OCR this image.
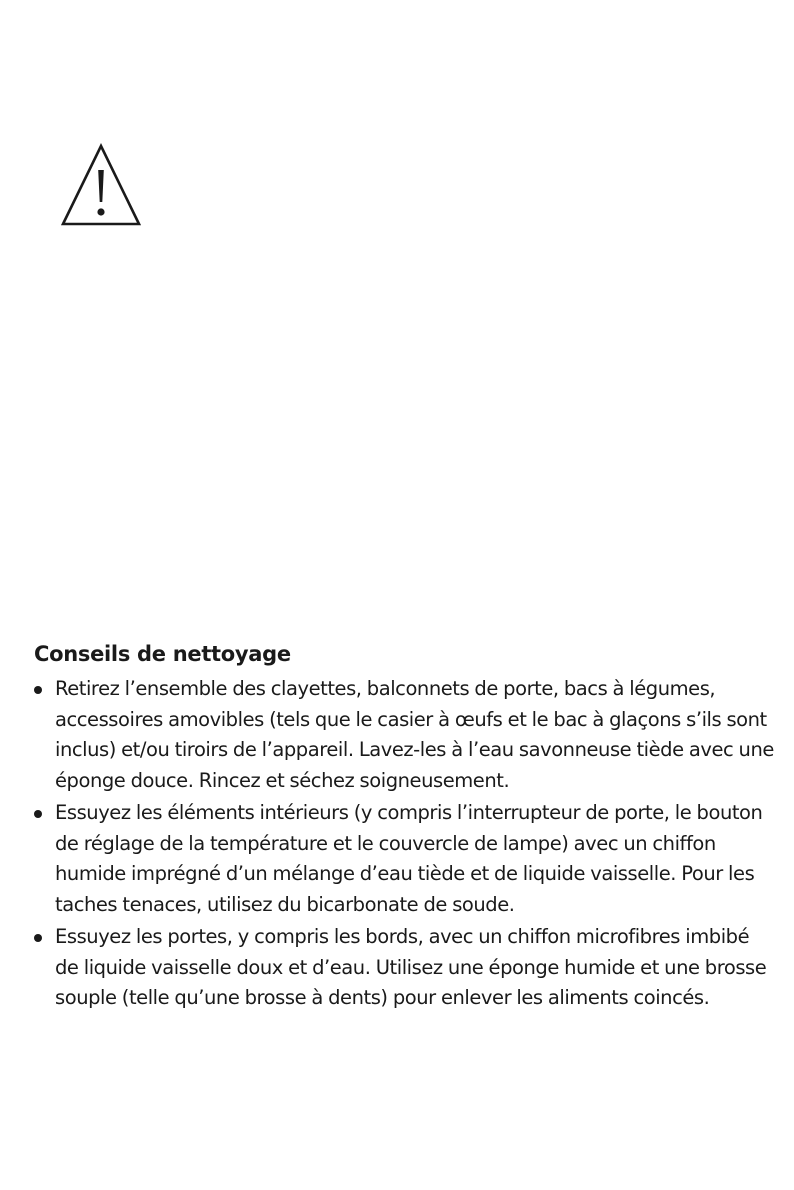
Conseils de nettoyage
Retirez l’ensemble des clayettes, balconnets de porte, bacs à légumes, accessoires amovibles (tels que le casier à œufs et le bac à glaçons s’ils sont inclus) et/ou tiroirs de l’appareil. Lavez-les à l’eau savonneuse tiède avec une éponge douce. Rincez et séchez soigneusement.
Essuyez les éléments intérieurs (y compris l’interrupteur de porte, le bouton de réglage de la température et le couvercle de lampe) avec un chiffon humide imprégné d’un mélange d’eau tiède et de liquide vaisselle. Pour les taches tenaces, utilisez du bicarbonate de soude.
Essuyez les portes, y compris les bords, avec un chiffon microfibres imbibé de liquide vaisselle doux et d’eau. Utilisez une éponge humide et une brosse souple (telle qu’une brosse à dents) pour enlever les aliments coincés.
